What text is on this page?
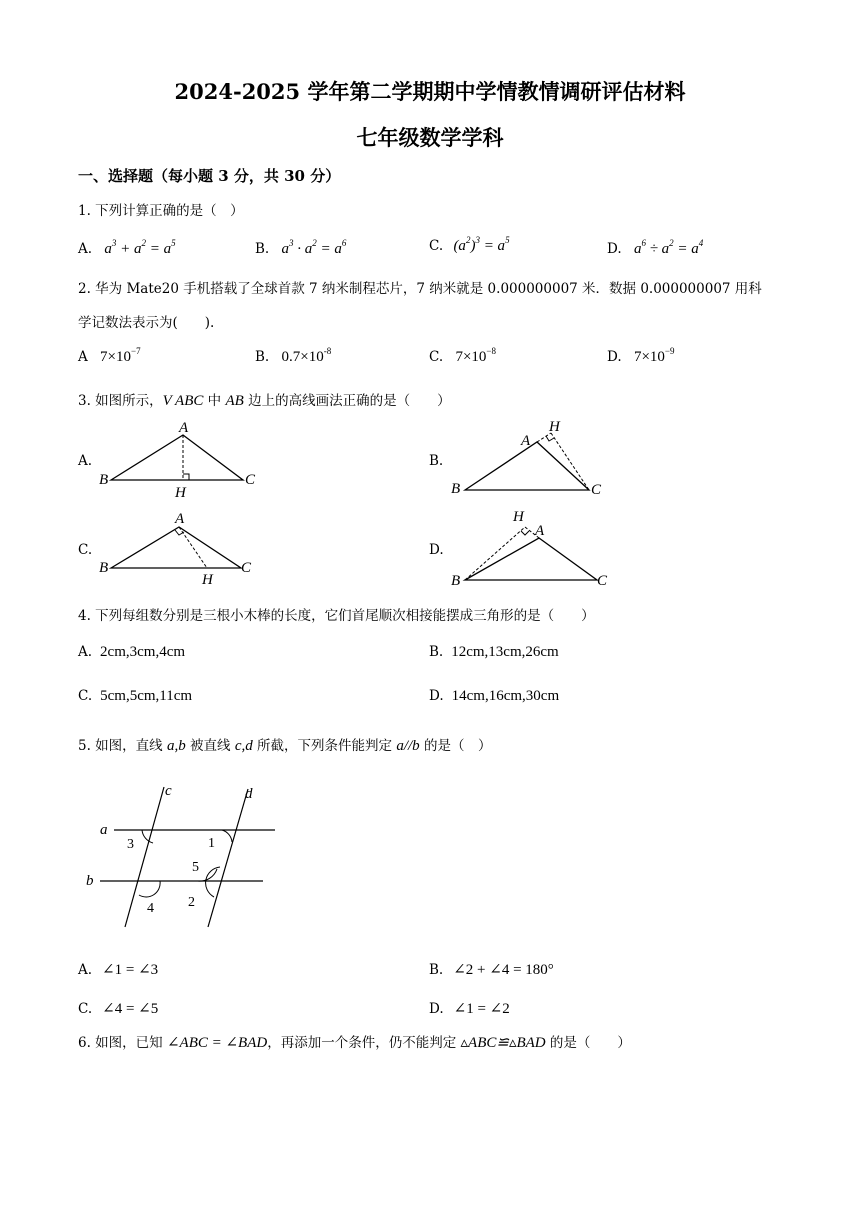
2024-2025 学年第二学期期中学情教情调研评估材料
七年级数学学科
一、选择题（每小题 3 分，共 30 分）
1. 下列计算正确的是（　）
A. $a^3 + a^2 = a^5$	B. $a^3 \cdot a^2 = a^6$	C. $(a^2)^3 = a^5$
D. $a^6 \div a^2 = a^4$
2. 华为 Mate20 手机搭载了全球首款 7 纳米制程芯片，7 纳米就是 0.000000007 米．数据 0.000000007 用科
学记数法表示为(　　).
A $7\times 10^{-7}$	B. $0.7\times 10^{-8}$	C. $7\times 10^{-8}$	D. $7\times 10^{-9}$
3. 如图所示，V ABC 中 AB 边上的高线画法正确的是（　　）
A.
A
B	C
H
B.
A
H
B	C
C.
A
B	C
H
D.
A
H
B	C
4. 下列每组数分别是三根小木棒的长度，它们首尾顺次相接能摆成三角形的是（　　）
A. 2cm,3cm,4cm	B. 12cm,13cm,26cm
C. 5cm,5cm,11cm	D. 14cm,16cm,30cm
5. 如图，直线 a,b 被直线 c,d 所截，下列条件能判定 a//b 的是（　）
c	d
a
b
3	1
5
2
4
A. ∠1 = ∠3	B. ∠2 + ∠4 = 180°
C. ∠4 = ∠5	D. ∠1 = ∠2
6. 如图，已知 ∠ABC = ∠BAD，再添加一个条件，仍不能判定 ▵ABC≌▵BAD 的是（　　）
